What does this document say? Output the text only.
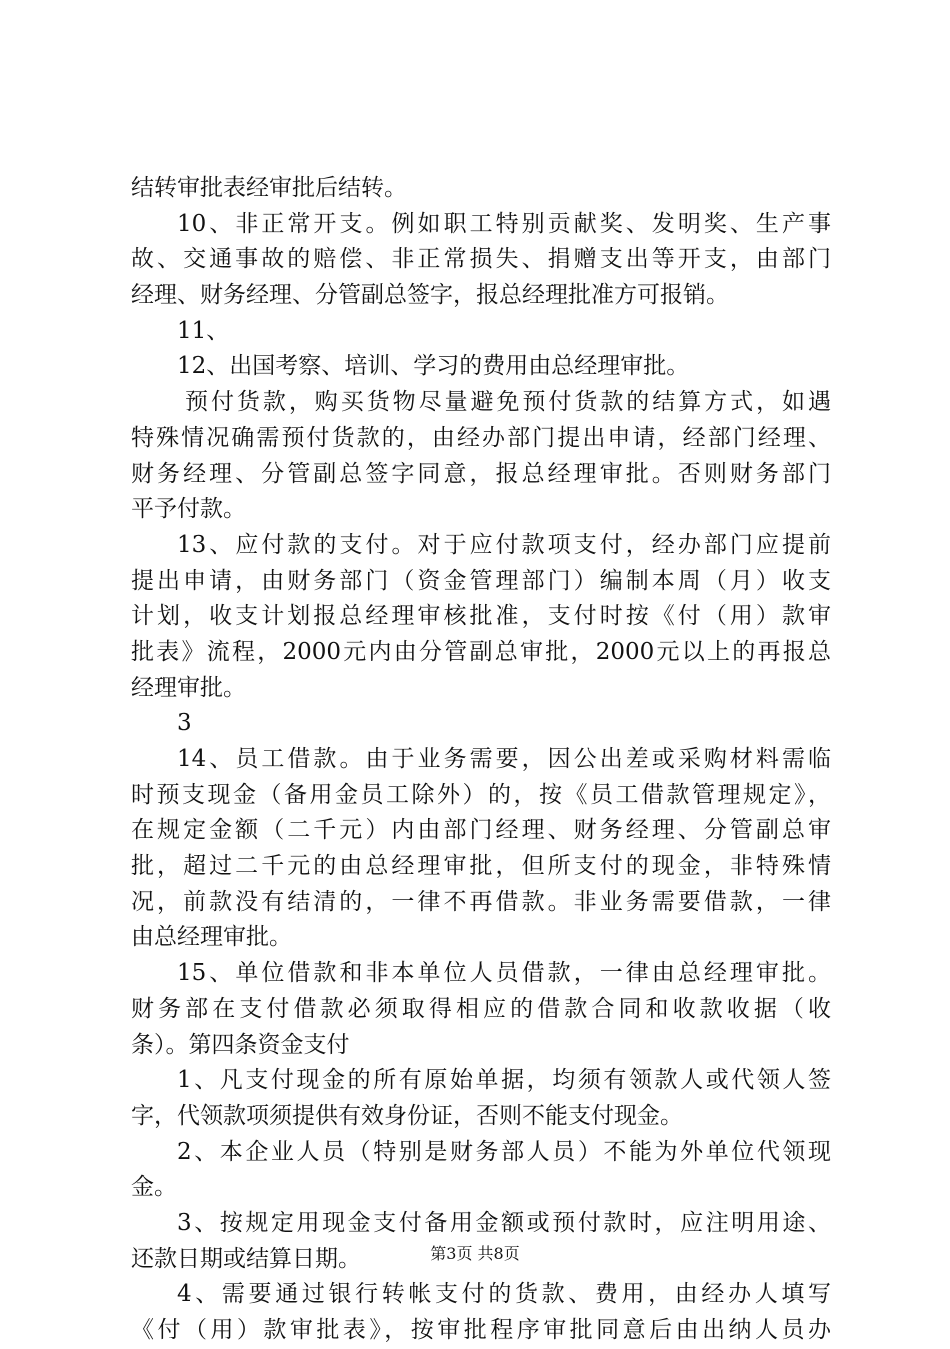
结转审批表经审批后结转。
10、非正常开支。例如职工特别贡献奖、发明奖、生产事
故、交通事故的赔偿、非正常损失、捐赠支出等开支，由部门
经理、财务经理、分管副总签字，报总经理批准方可报销。
11、
12、出国考察、培训、学习的费用由总经理审批。
预付货款，购买货物尽量避免预付货款的结算方式，如遇
特殊情况确需预付货款的，由经办部门提出申请，经部门经理、
财务经理、分管副总签字同意，报总经理审批。否则财务部门
平予付款。
13、应付款的支付。对于应付款项支付，经办部门应提前
提出申请，由财务部门（资金管理部门）编制本周（月）收支
计划，收支计划报总经理审核批准，支付时按《付（用）款审
批表》流程，2000元内由分管副总审批，2000元以上的再报总
经理审批。
3
14、员工借款。由于业务需要，因公出差或采购材料需临
时预支现金（备用金员工除外）的，按《员工借款管理规定》，
在规定金额（二千元）内由部门经理、财务经理、分管副总审
批，超过二千元的由总经理审批，但所支付的现金，非特殊情
况，前款没有结清的，一律不再借款。非业务需要借款，一律
由总经理审批。
15、单位借款和非本单位人员借款，一律由总经理审批。
财务部在支付借款必须取得相应的借款合同和收款收据（收
条）。第四条资金支付
1、凡支付现金的所有原始单据，均须有领款人或代领人签
字，代领款项须提供有效身份证，否则不能支付现金。
2、本企业人员（特别是财务部人员）不能为外单位代领现
金。
3、按规定用现金支付备用金额或预付款时，应注明用途、
还款日期或结算日期。
4、需要通过银行转帐支付的货款、费用，由经办人填写
《付（用）款审批表》，按审批程序审批同意后由出纳人员办
第3页 共8页
